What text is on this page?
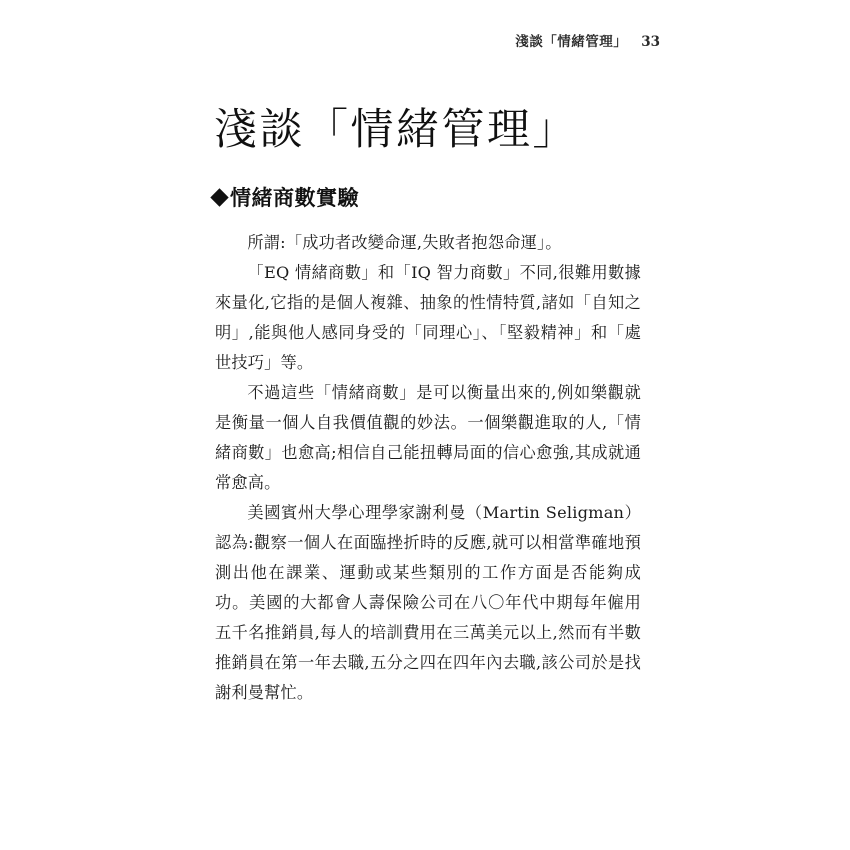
淺談「情緒管理」 33
淺談「情緒管理」
情緒商數實驗

所謂:「成功者改變命運,失敗者抱怨命運」。

「EQ 情緒商數」和「IQ 智力商數」不同,很難用數據來量化,它指的是個人複雜、抽象的性情特質,諸如「自知之明」,能與他人感同身受的「同理心」、「堅毅精神」和「處世技巧」等。

不過這些「情緒商數」是可以衡量出來的,例如樂觀就是衡量一個人自我價值觀的妙法。一個樂觀進取的人,「情緒商數」也愈高;相信自己能扭轉局面的信心愈強,其成就通常愈高。

美國賓州大學心理學家謝利曼（Martin Seligman）認為:觀察一個人在面臨挫折時的反應,就可以相當準確地預測出他在課業、運動或某些類別的工作方面是否能夠成功。美國的大都會人壽保險公司在八〇年代中期每年僱用五千名推銷員,每人的培訓費用在三萬美元以上,然而有半數推銷員在第一年去職,五分之四在四年內去職,該公司於是找謝利曼幫忙。
